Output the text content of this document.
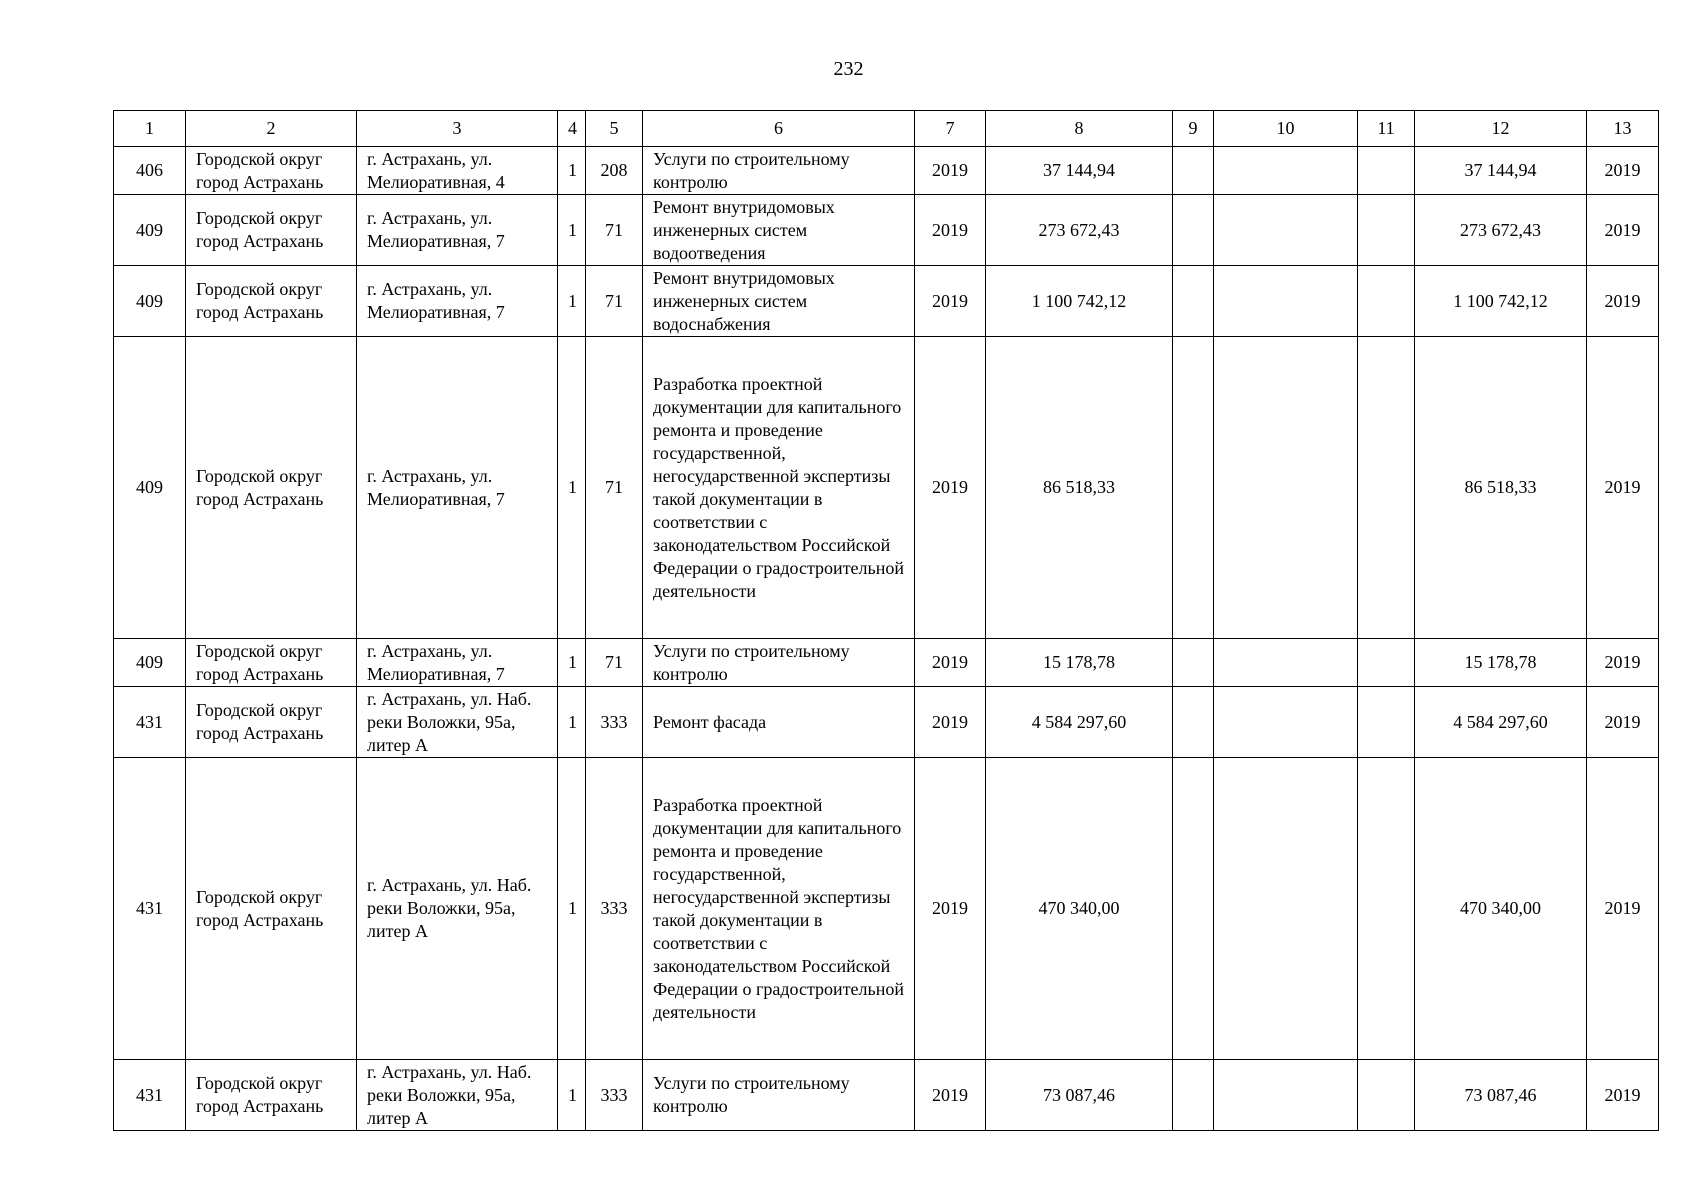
232
1	2	3	4	5	6	7	8	9	10	11	12	13
406	Городской округ город Астрахань	г. Астрахань, ул. Мелиоративная, 4	1	208	Услуги по строительному контролю	2019	37 144,94				37 144,94	2019
409	Городской округ город Астрахань	г. Астрахань, ул. Мелиоративная, 7	1	71	Ремонт внутридомовых инженерных систем водоотведения	2019	273 672,43				273 672,43	2019
409	Городской округ город Астрахань	г. Астрахань, ул. Мелиоративная, 7	1	71	Ремонт внутридомовых инженерных систем водоснабжения	2019	1 100 742,12				1 100 742,12	2019
409	Городской округ город Астрахань	г. Астрахань, ул. Мелиоративная, 7	1	71	Разработка проектной документации для капитального ремонта и проведение государственной, негосударственной экспертизы такой документации в соответствии с законодательством Российской Федерации о градостроительной деятельности	2019	86 518,33				86 518,33	2019
409	Городской округ город Астрахань	г. Астрахань, ул. Мелиоративная, 7	1	71	Услуги по строительному контролю	2019	15 178,78				15 178,78	2019
431	Городской округ город Астрахань	г. Астрахань, ул. Наб. реки Воложки, 95а, литер А	1	333	Ремонт фасада	2019	4 584 297,60				4 584 297,60	2019
431	Городской округ город Астрахань	г. Астрахань, ул. Наб. реки Воложки, 95а, литер А	1	333	Разработка проектной документации для капитального ремонта и проведение государственной, негосударственной экспертизы такой документации в соответствии с законодательством Российской Федерации о градостроительной деятельности	2019	470 340,00				470 340,00	2019
431	Городской округ город Астрахань	г. Астрахань, ул. Наб. реки Воложки, 95а, литер А	1	333	Услуги по строительному контролю	2019	73 087,46				73 087,46	2019
